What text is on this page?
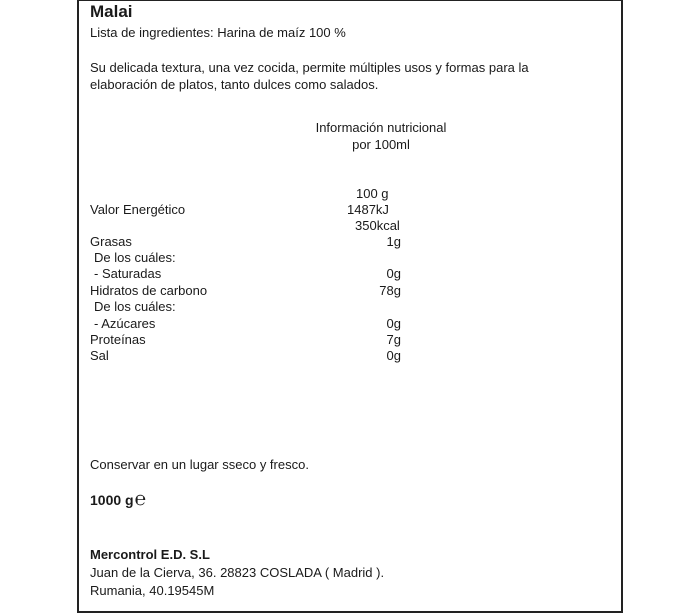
Malai
Lista de ingredientes: Harina de maíz 100 %
Su delicada textura, una vez cocida, permite múltiples usos y formas para la
elaboración de platos, tanto dulces como salados.
Información nutricional
por 100ml
100 g
Valor Energético	1487kJ
350kcal
Grasas	1g
De los cuáles:
- Saturadas	0g
Hidratos de carbono	78g
De los cuáles:
- Azúcares	0g
Proteínas	7g
Sal	0g
Conservar en un lugar sseco y fresco.
1000 g℮
Mercontrol E.D. S.L
Juan de la Cierva, 36. 28823 COSLADA ( Madrid ).
Rumania, 40.19545M
